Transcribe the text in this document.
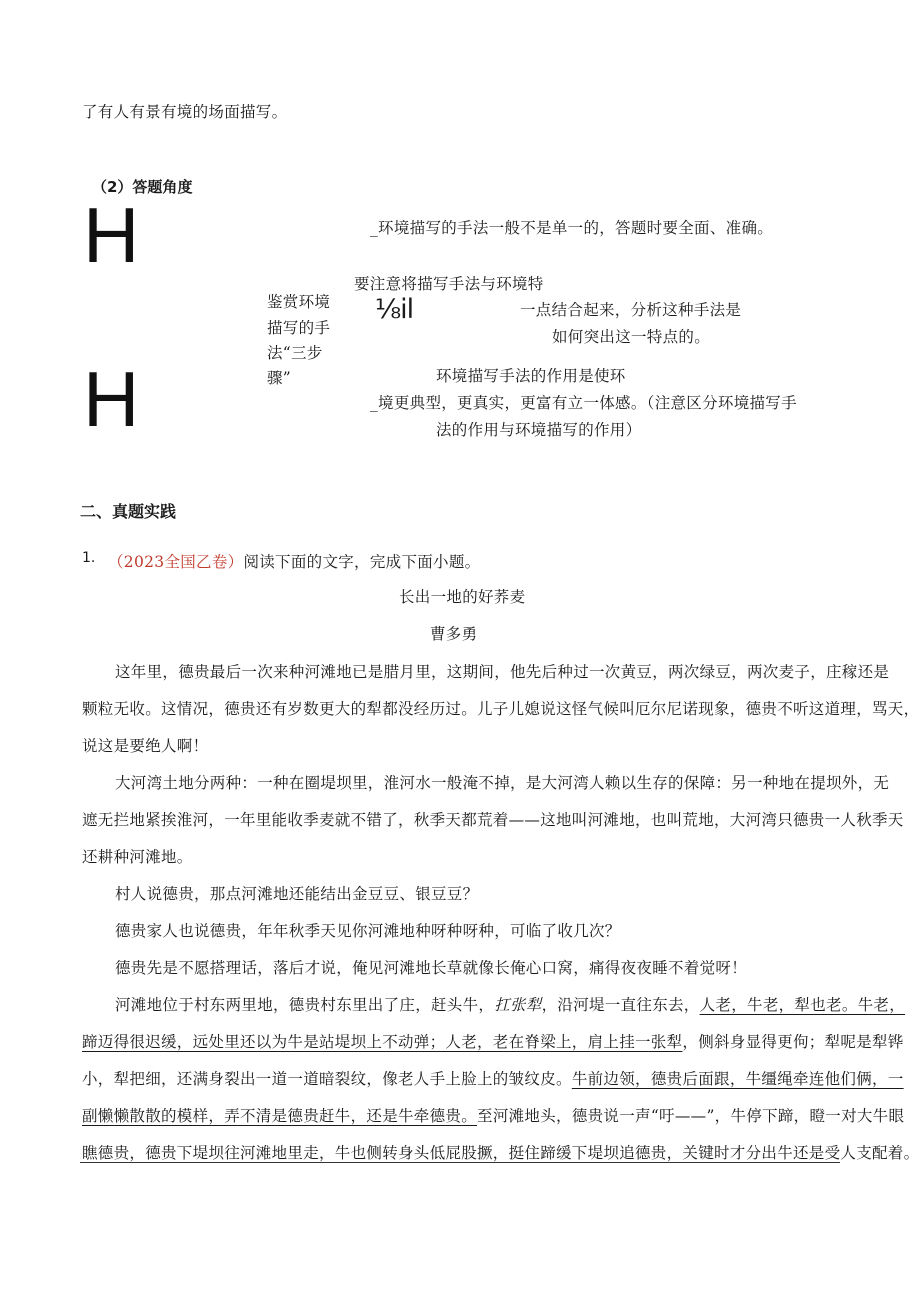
了有人有景有境的场面描写。
（2）答题角度
H
H
鉴赏环境
描写的手
法“三步
骤”
⅛il
_环境描写的手法一般不是单一的，答题时要全面、准确。
要注意将描写手法与环境特
一点结合起来，分析这种手法是
如何突出这一特点的。
环境描写手法的作用是使环
_境更典型，更真实，更富有立一体感。（注意区分环境描写手
法的作用与环境描写的作用）
二、真题实践
1. （2023全国乙卷）阅读下面的文字，完成下面小题。
长出一地的好荞麦
曹多勇
这年里，德贵最后一次来种河滩地已是腊月里，这期间，他先后种过一次黄豆，两次绿豆，两次麦子，庄稼还是
颗粒无收。这情况，德贵还有岁数更大的犁都没经历过。儿子儿媳说这怪气候叫厄尔尼诺现象，德贵不听这道理，骂天，
说这是要绝人啊！
大河湾土地分两种：一种在圈堤坝里，淮河水一般淹不掉，是大河湾人赖以生存的保障：另一种地在提坝外，无
遮无拦地紧挨淮河，一年里能收季麦就不错了，秋季天都荒着——这地叫河滩地，也叫荒地，大河湾只德贵一人秋季天
还耕种河滩地。
村人说德贵，那点河滩地还能结出金豆豆、银豆豆？
德贵家人也说德贵，年年秋季天见你河滩地种呀种呀种，可临了收几次？
德贵先是不愿搭理话，落后才说，俺见河滩地长草就像长俺心口窝，痛得夜夜睡不着觉呀！
河滩地位于村东两里地，德贵村东里出了庄，赶头牛，扛张犁，沿河堤一直往东去，人老，牛老，犁也老。牛老，
蹄迈得很迟缓，远处里还以为牛是站堤坝上不动弹；人老，老在脊梁上，肩上挂一张犁，侧斜身显得更佝；犁呢是犁铧
小，犁把细，还满身裂出一道一道暗裂纹，像老人手上脸上的皱纹皮。牛前边领，德贵后面跟，牛缰绳牵连他们俩，一
副懒懒散散的模样，弄不清是德贵赶牛，还是牛牵德贵。至河滩地头，德贵说一声“吁——”，牛停下蹄，瞪一对大牛眼
瞧德贵，德贵下堤坝往河滩地里走，牛也侧转身头低屁股撅，挺住蹄缓下堤坝追德贵，关键时才分出牛还是受人支配着。
